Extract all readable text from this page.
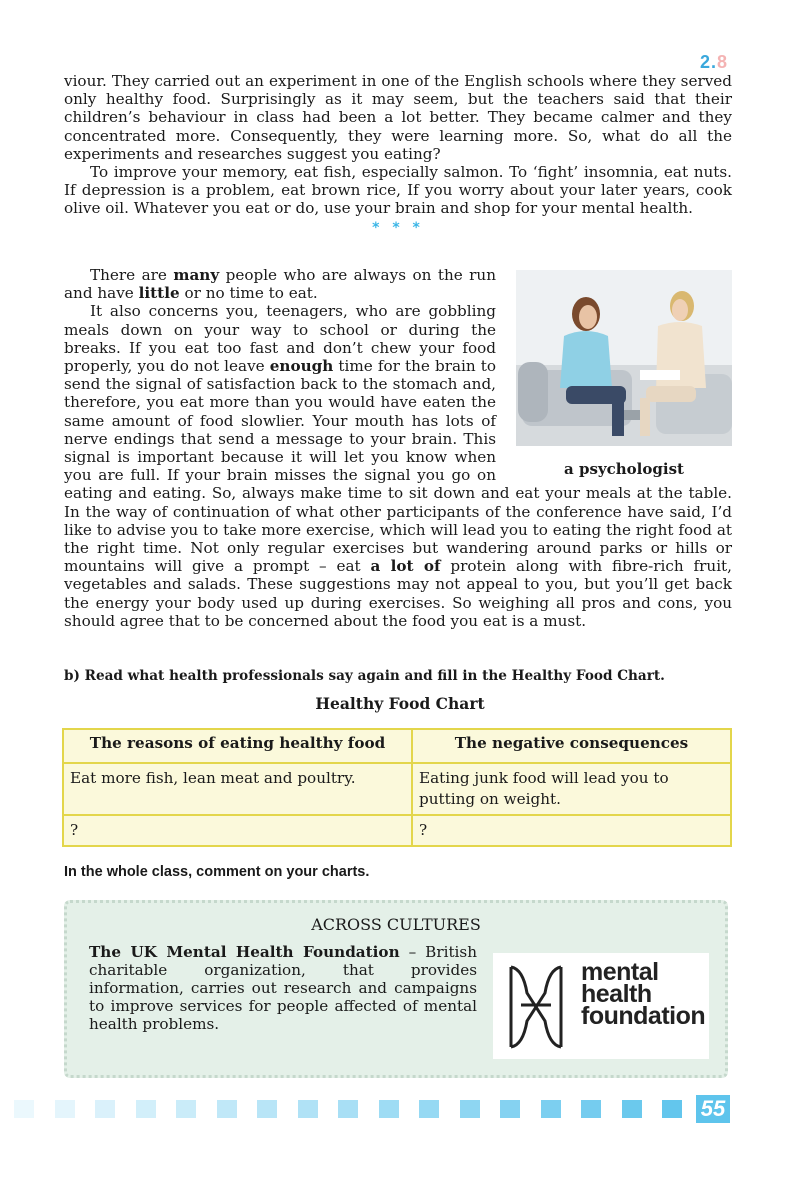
2.8

viour. They carried out an experiment in one of the English schools where they served only healthy food. Surprisingly as it may seem, but the teachers said that their children’s behaviour in class had been a lot better. They became calmer and they concentrated more. Consequently, they were learning more. So, what do all the experiments and researches suggest you eating?

To improve your memory, eat fish, especially salmon. To ‘fight’ insomnia, eat nuts. If depression is a problem, eat brown rice, If you worry about your later years, cook olive oil. Whatever you eat or do, use your brain and shop for your mental health.

* * *
a psychologist

There are many people who are always on the run and have little or no time to eat.

It also concerns you, teenagers, who are gobbling meals down on your way to school or during the breaks. If you eat too fast and don’t chew your food properly, you do not leave enough time for the brain to send the signal of satisfaction back to the stomach and, therefore, you eat more than you would have eaten the same amount of food slowlier. Your mouth has lots of nerve endings that send a message to your brain. This signal is important because it will let you know when you are full. If your brain misses the signal you go on eating and eating. So, always make time to sit down and eat your meals at the table. In the way of continuation of what other participants of the conference have said, I’d like to advise you to take more exercise, which will lead you to eating the right food at the right time. Not only regular exercises but wandering around parks or hills or mountains will give a prompt – eat a lot of protein along with fibre-rich fruit, vegetables and salads. These suggestions may not appeal to you, but you’ll get back the energy your body used up during exercises. So weighing all pros and cons, you should agree that to be concerned about the food you eat is a must.

b) Read what health professionals say again and fill in the Healthy Food Chart.
Healthy Food Chart
The reasons of eating healthy food	The negative consequences
Eat more fish, lean meat and poultry.	Eating junk food will lead you to putting on weight.
?	?
In the whole class, comment on your charts.
ACROSS CULTURES
The UK Mental Health Foundation – British charitable organization, that provides information, carries out research and campaigns to improve services for people affected of mental health problems.
mental
health
foundation
55
